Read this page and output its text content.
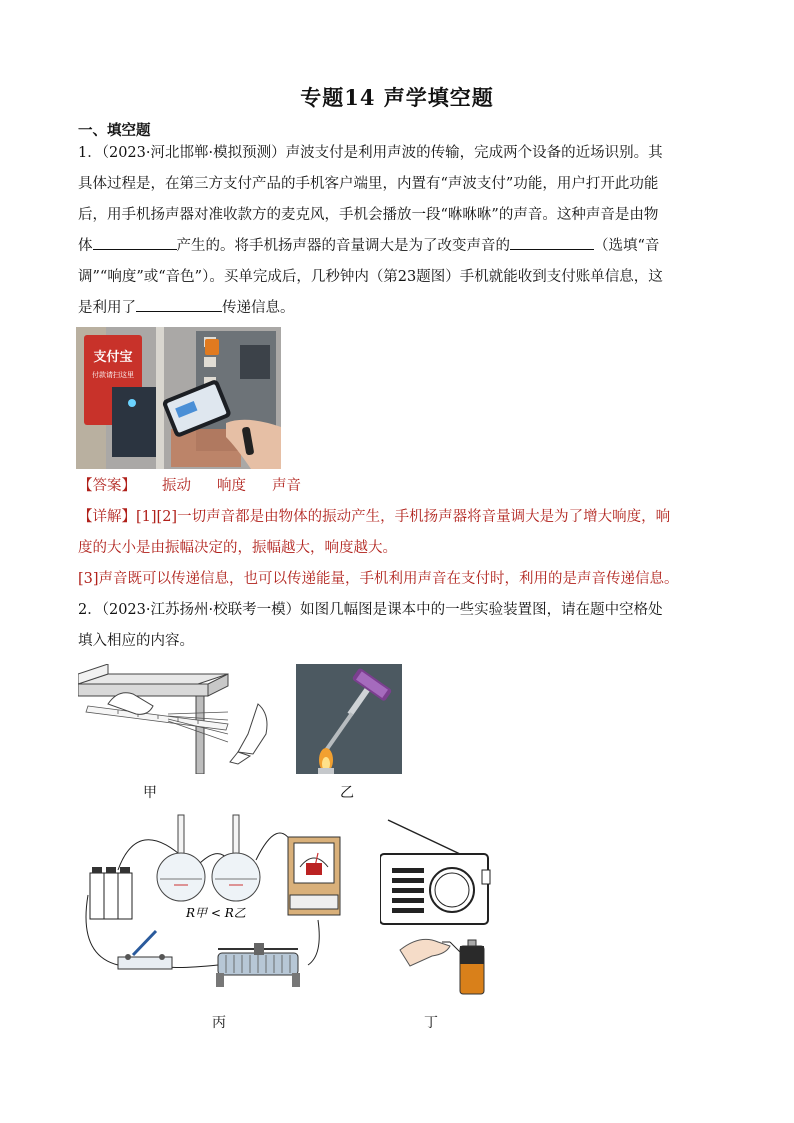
专题14 声学填空题
一、填空题
1．（2023·河北邯郸·模拟预测）声波支付是利用声波的传输，完成两个设备的近场识别。其
具体过程是，在第三方支付产品的手机客户端里，内置有“声波支付”功能，用户打开此功能
后，用手机扬声器对准收款方的麦克风，手机会播放一段“咻咻咻”的声音。这种声音是由物
体	产生的。将手机扬声器的音量调大是为了改变声音的	（选填“音
调”“响度”或“音色”）。买单完成后，几秒钟内（第23题图）手机就能收到支付账单信息，这
是利用了	传递信息。
支付宝
付款请扫这里
【答案】 振动 响度 声音
【详解】[1][2]一切声音都是由物体的振动产生，手机扬声器将音量调大是为了增大响度，响
度的大小是由振幅决定的，振幅越大，响度越大。
[3]声音既可以传递信息，也可以传递能量，手机利用声音在支付时，利用的是声音传递信息。
2．（2023·江苏扬州·校联考一模）如图几幅图是课本中的一些实验装置图，请在题中空格处
填入相应的内容。
甲	乙
R甲 < R乙
丙	丁
